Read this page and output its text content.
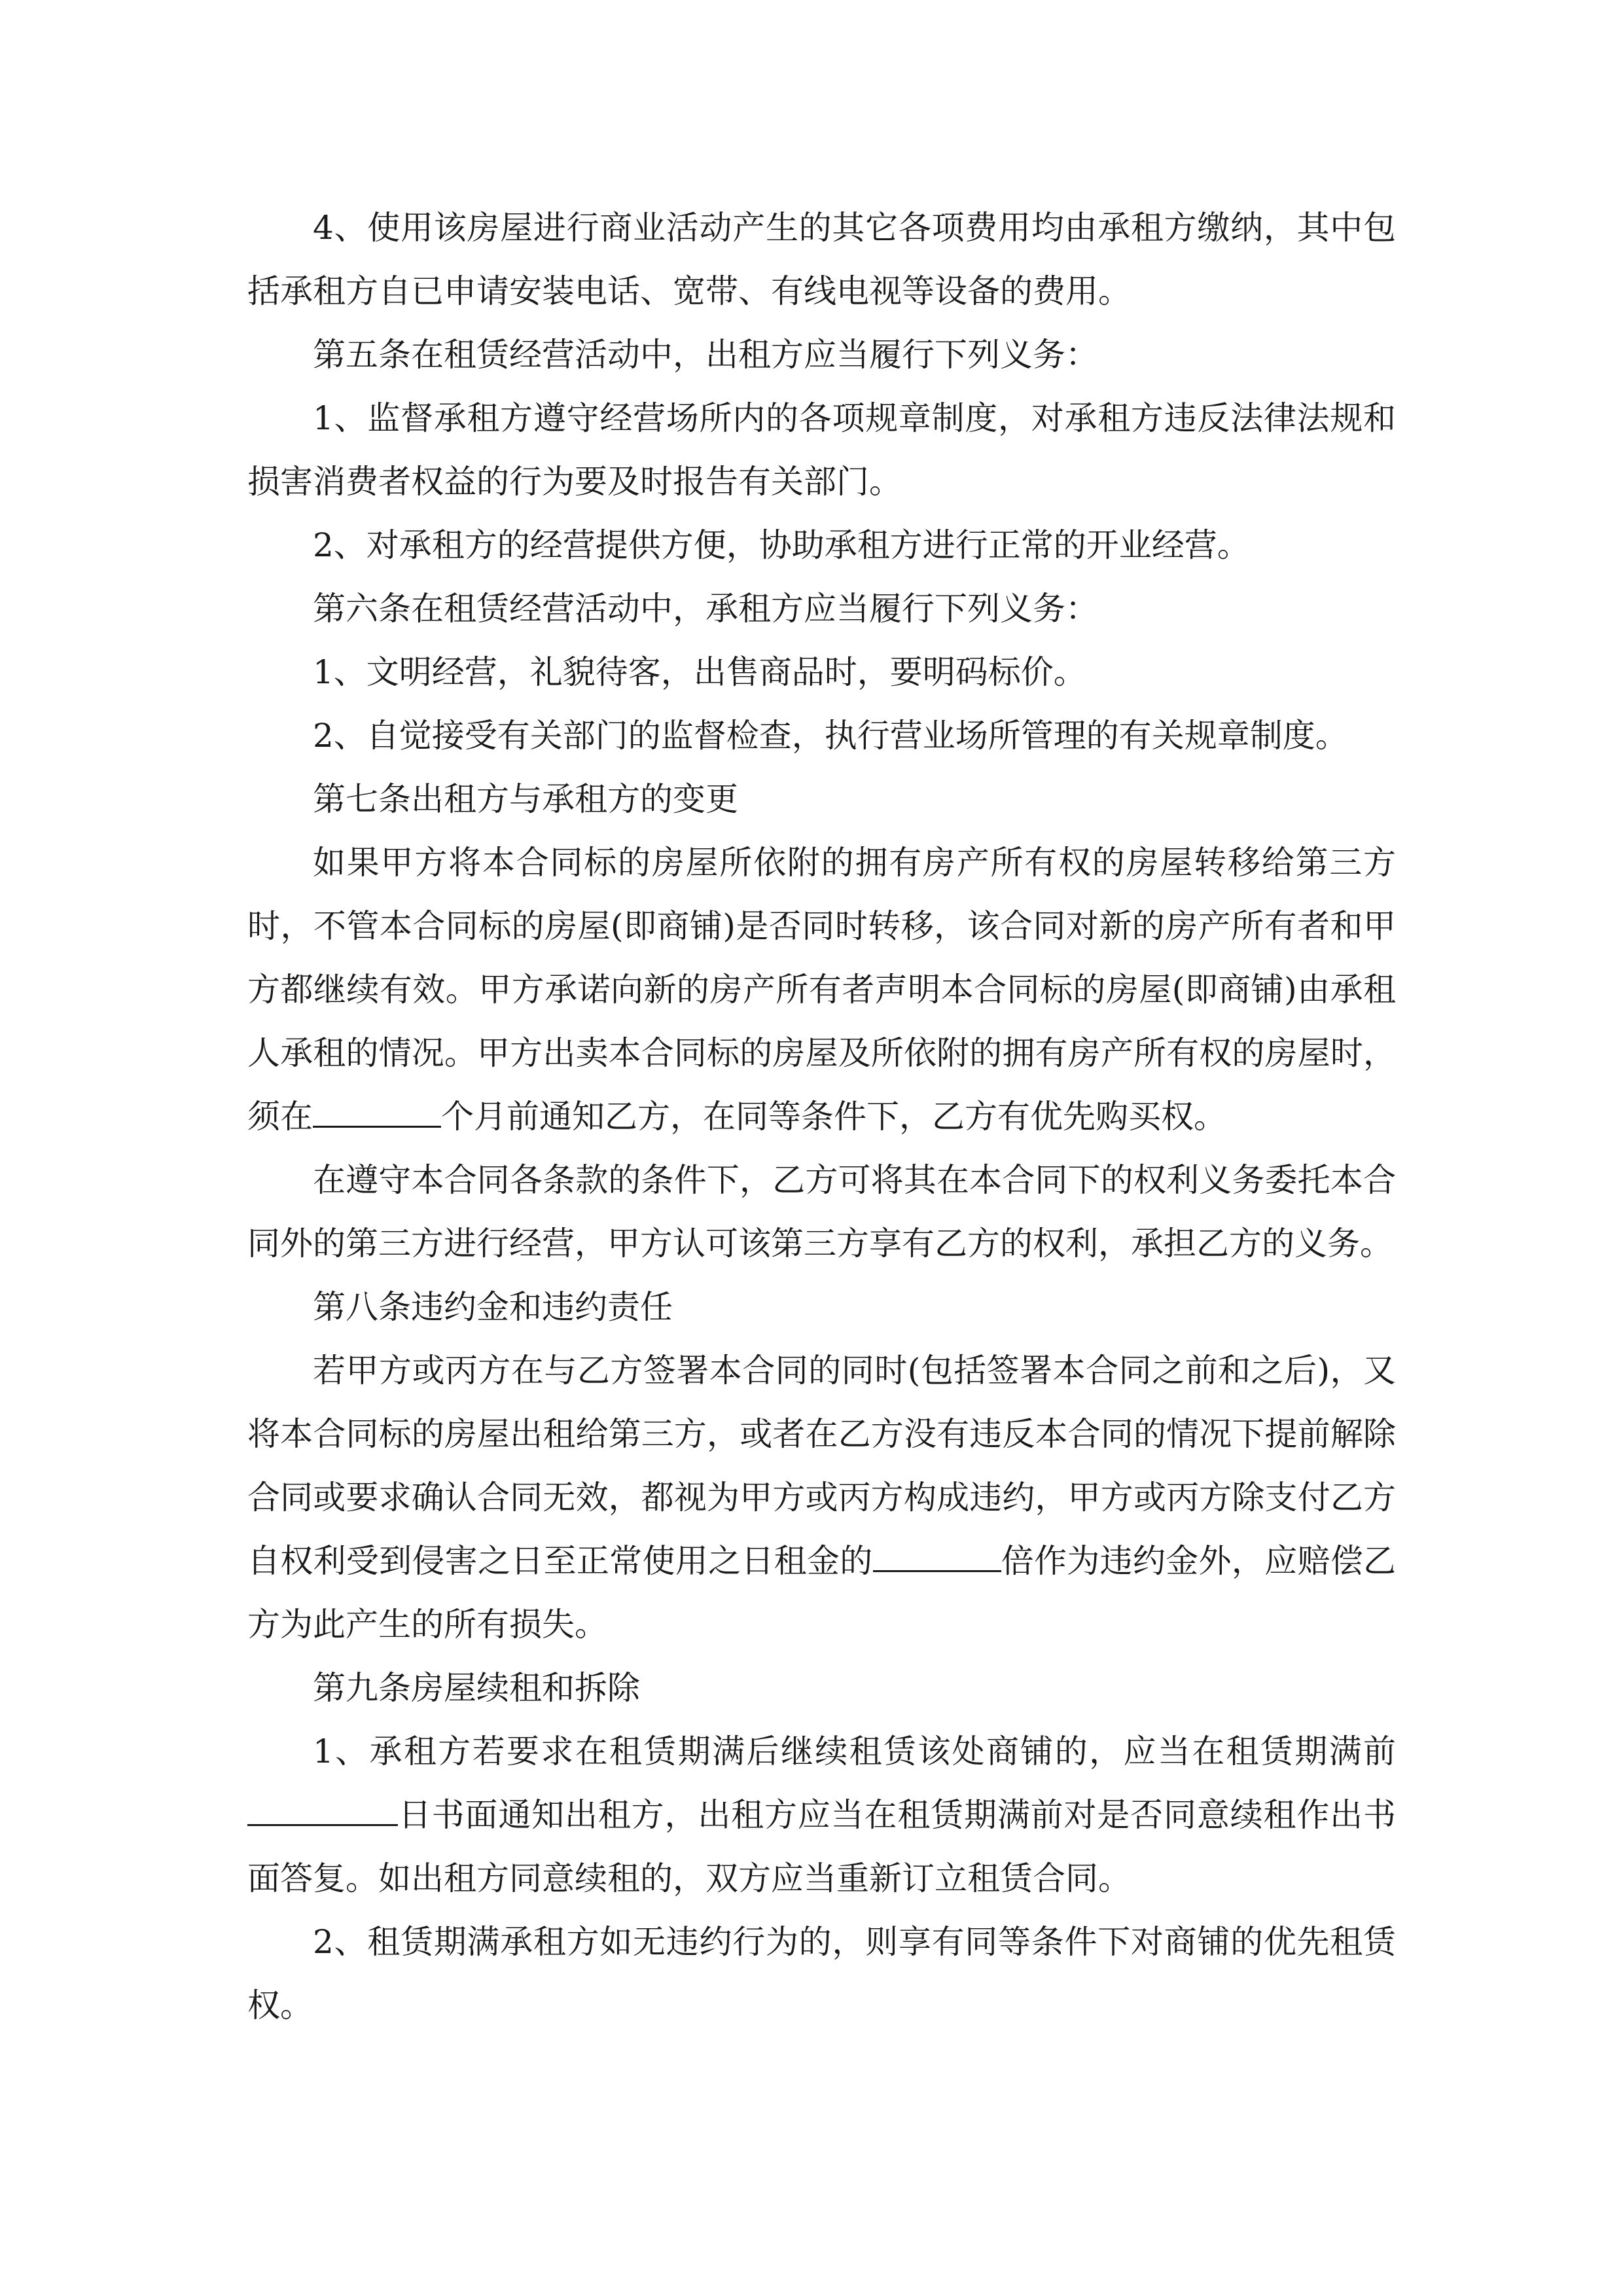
4、使用该房屋进行商业活动产生的其它各项费用均由承租方缴纳，其中包括承租方自已申请安装电话、宽带、有线电视等设备的费用。

第五条在租赁经营活动中，出租方应当履行下列义务：

1、监督承租方遵守经营场所内的各项规章制度，对承租方违反法律法规和损害消费者权益的行为要及时报告有关部门。

2、对承租方的经营提供方便，协助承租方进行正常的开业经营。

第六条在租赁经营活动中，承租方应当履行下列义务：

1、文明经营，礼貌待客，出售商品时，要明码标价。

2、自觉接受有关部门的监督检查，执行营业场所管理的有关规章制度。

第七条出租方与承租方的变更

如果甲方将本合同标的房屋所依附的拥有房产所有权的房屋转移给第三方时，不管本合同标的房屋(即商铺)是否同时转移，该合同对新的房产所有者和甲方都继续有效。甲方承诺向新的房产所有者声明本合同标的房屋(即商铺)由承租人承租的情况。甲方出卖本合同标的房屋及所依附的拥有房产所有权的房屋时，须在	个月前通知乙方，在同等条件下，乙方有优先购买权。

在遵守本合同各条款的条件下，乙方可将其在本合同下的权利义务委托本合同外的第三方进行经营，甲方认可该第三方享有乙方的权利，承担乙方的义务。

第八条违约金和违约责任

若甲方或丙方在与乙方签署本合同的同时(包括签署本合同之前和之后)，又将本合同标的房屋出租给第三方，或者在乙方没有违反本合同的情况下提前解除合同或要求确认合同无效，都视为甲方或丙方构成违约，甲方或丙方除支付乙方自权利受到侵害之日至正常使用之日租金的	倍作为违约金外，应赔偿乙方为此产生的所有损失。

第九条房屋续租和拆除

1、承租方若要求在租赁期满后继续租赁该处商铺的，应当在租赁期满前日书面通知出租方，出租方应当在租赁期满前对是否同意续租作出书面答复。如出租方同意续租的，双方应当重新订立租赁合同。

2、租赁期满承租方如无违约行为的，则享有同等条件下对商铺的优先租赁权。
